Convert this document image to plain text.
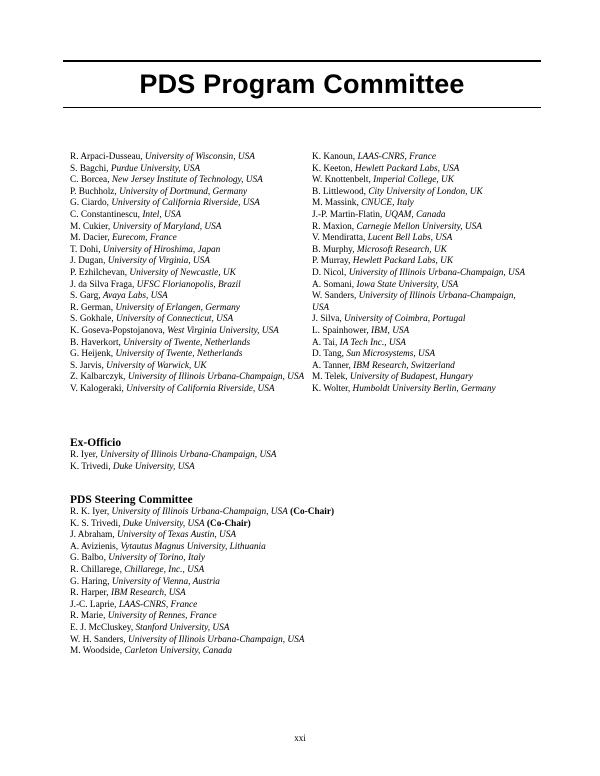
PDS Program Committee
R. Arpaci-Dusseau, University of Wisconsin, USA
S. Bagchi, Purdue University, USA
C. Borcea, New Jersey Institute of Technology, USA
P. Buchholz, University of Dortmund, Germany
G. Ciardo, University of California Riverside, USA
C. Constantinescu, Intel, USA
M. Cukier, University of Maryland, USA
M. Dacier, Eurecom, France
T. Dohi, University of Hiroshima, Japan
J. Dugan, University of Virginia, USA
P. Ezhilchevan, University of Newcastle, UK
J. da Silva Fraga, UFSC Florianopolis, Brazil
S. Garg, Avaya Labs, USA
R. German, University of Erlangen, Germany
S. Gokhale, University of Connecticut, USA
K. Goseva-Popstojanova, West Virginia University, USA
B. Haverkort, University of Twente, Netherlands
G. Heijenk, University of Twente, Netherlands
S. Jarvis, University of Warwick, UK
Z. Kalbarczyk, University of Illinois Urbana-Champaign, USA
V. Kalogeraki, University of California Riverside, USA
K. Kanoun, LAAS-CNRS, France
K. Keeton, Hewlett Packard Labs, USA
W. Knottenbelt, Imperial College, UK
B. Littlewood, City University of London, UK
M. Massink, CNUCE, Italy
J.-P. Martin-Flatin, UQAM, Canada
R. Maxion, Carnegie Mellon University, USA
V. Mendiratta, Lucent Bell Labs, USA
B. Murphy, Microsoft Research, UK
P. Murray, Hewlett Packard Labs, UK
D. Nicol, University of Illinois Urbana-Champaign, USA
A. Somani, Iowa State University, USA
W. Sanders, University of Illinois Urbana-Champaign, USA
J. Silva, University of Coimbra, Portugal
L. Spainhower, IBM, USA
A. Tai, IA Tech Inc., USA
D. Tang, Sun Microsystems, USA
A. Tanner, IBM Research, Switzerland
M. Telek, University of Budapest, Hungary
K. Wolter, Humboldt University Berlin, Germany
Ex-Officio
R. Iyer, University of Illinois Urbana-Champaign, USA
K. Trivedi, Duke University, USA
PDS Steering Committee
R. K. Iyer, University of Illinois Urbana-Champaign, USA (Co-Chair)
K. S. Trivedi, Duke University, USA (Co-Chair)
J. Abraham, University of Texas Austin, USA
A. Avizienis, Vytautus Magnus University, Lithuania
G. Balbo, University of Torino, Italy
R. Chillarege, Chillarege, Inc., USA
G. Haring, University of Vienna, Austria
R. Harper, IBM Research, USA
J.-C. Laprie, LAAS-CNRS, France
R. Marie, University of Rennes, France
E. J. McCluskey, Stanford University, USA
W. H. Sanders, University of Illinois Urbana-Champaign, USA
M. Woodside, Carleton University, Canada
xxi
